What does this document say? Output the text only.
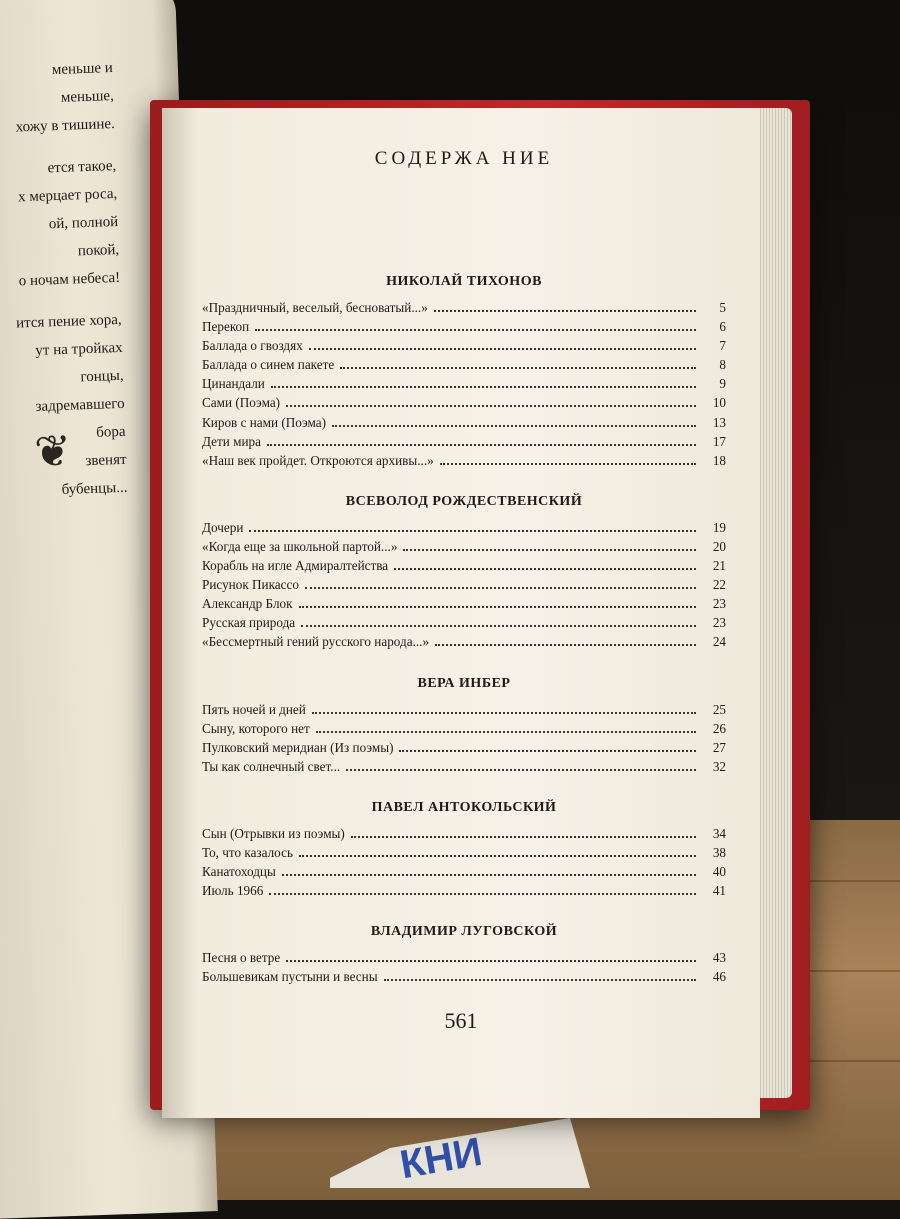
КНИ
меньше и меньше,
хожу в тишине.
ется такое,
х мерцает роса,
ой, полной покой,
о ночам небеса!
ится пение хора,
ут на тройках гонцы,
задремавшего бора
звенят бубенцы...
❦
СОДЕРЖА НИЕ
НИКОЛАЙ ТИХОНОВ
«Праздничный, веселый, бесноватый...»	5
Перекоп	6
Баллада о гвоздях	7
Баллада о синем пакете	8
Цинандали	9
Сами (Поэма)	10
Киров с нами (Поэма)	13
Дети мира	17
«Наш век пройдет. Откроются архивы...»	18
ВСЕВОЛОД РОЖДЕСТВЕНСКИЙ
Дочери	19
«Когда еще за школьной партой...»	20
Корабль на игле Адмиралтейства	21
Рисунок Пикассо	22
Александр Блок	23
Русская природа	23
«Бессмертный гений русского народа...»	24
ВЕРА ИНБЕР
Пять ночей и дней	25
Сыну, которого нет	26
Пулковский меридиан (Из поэмы)	27
Ты как солнечный свет...	32
ПАВЕЛ АНТОКОЛЬСКИЙ
Сын (Отрывки из поэмы)	34
То, что казалось	38
Канатоходцы	40
Июль 1966	41
ВЛАДИМИР ЛУГОВСКОЙ
Песня о ветре	43
Большевикам пустыни и весны	46
561
